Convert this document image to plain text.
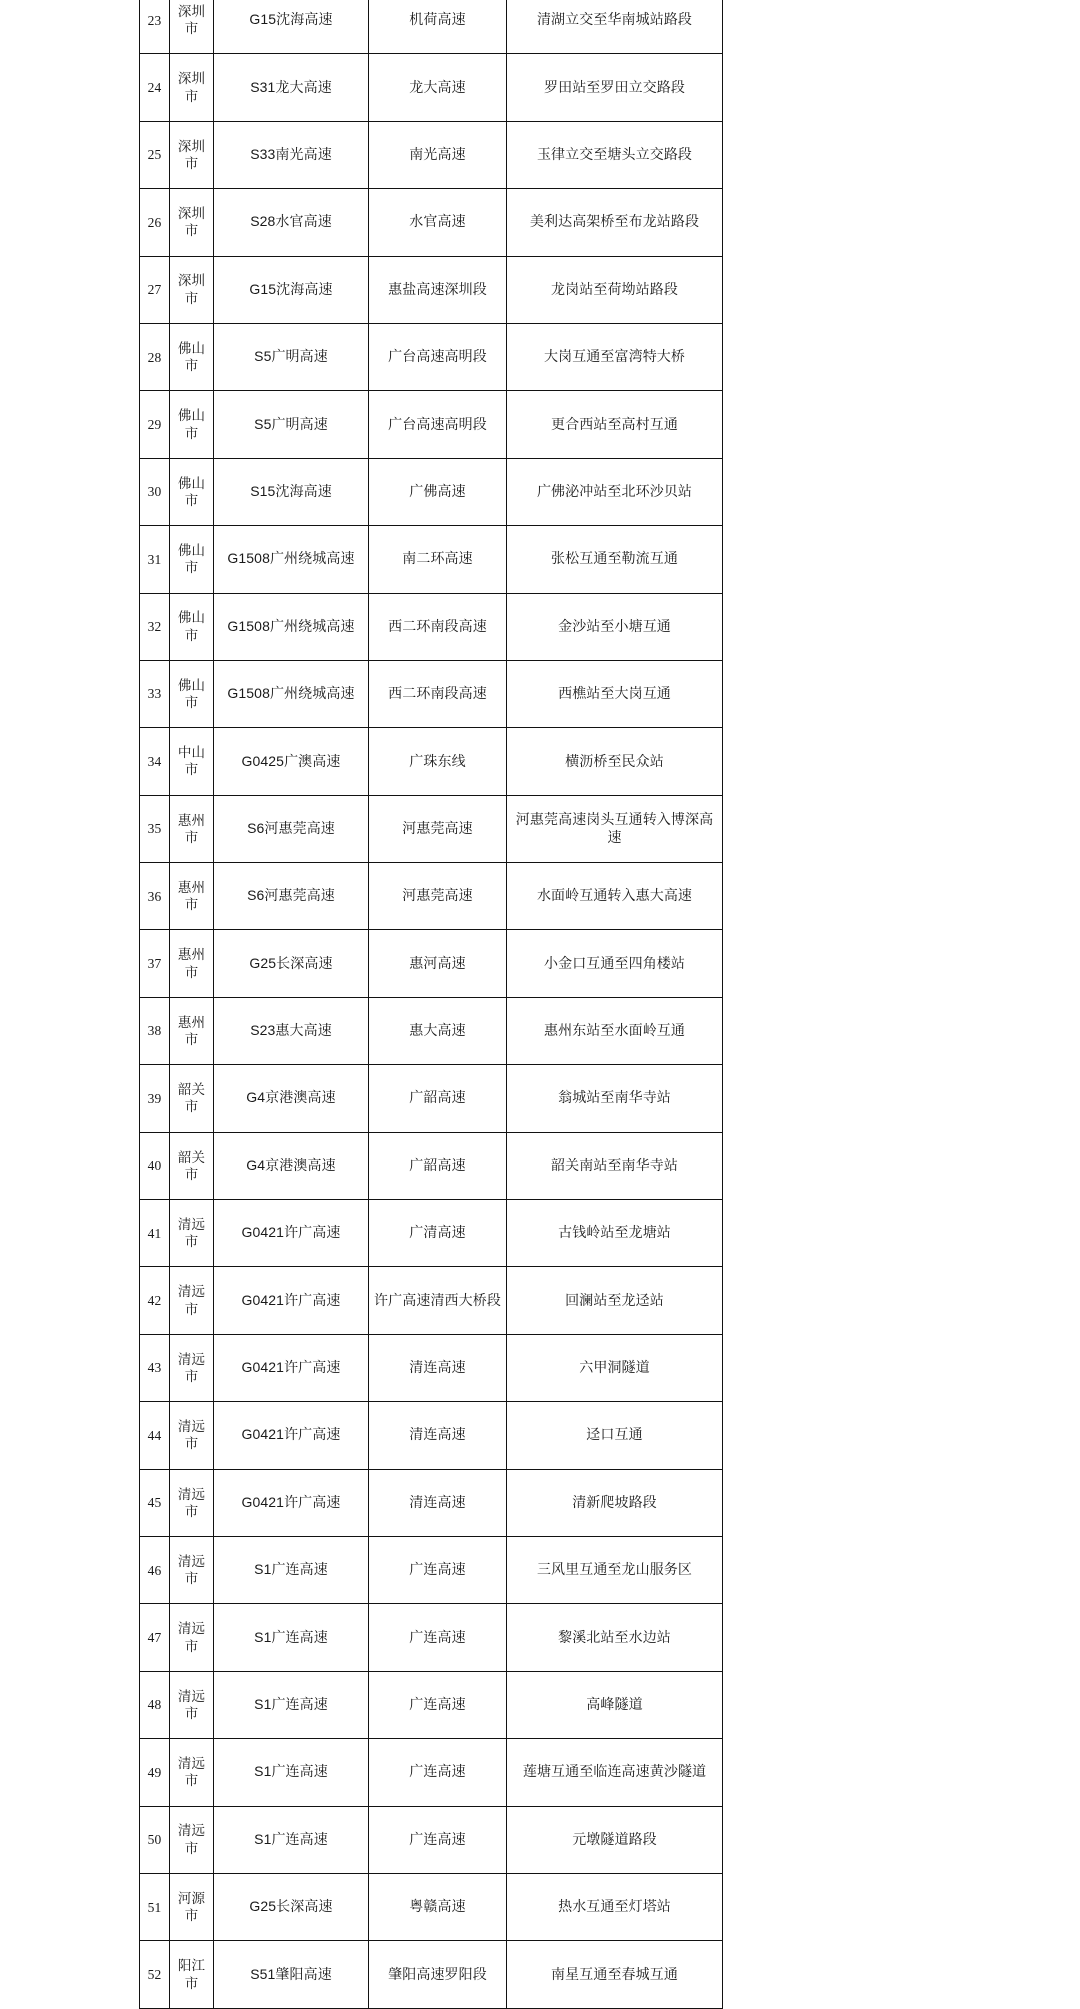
23	深圳市	G15沈海高速	机荷高速	清湖立交至华南城站路段
24	深圳市	S31龙大高速	龙大高速	罗田站至罗田立交路段
25	深圳市	S33南光高速	南光高速	玉律立交至塘头立交路段
26	深圳市	S28水官高速	水官高速	美利达高架桥至布龙站路段
27	深圳市	G15沈海高速	惠盐高速深圳段	龙岗站至荷坳站路段
28	佛山市	S5广明高速	广台高速高明段	大岗互通至富湾特大桥
29	佛山市	S5广明高速	广台高速高明段	更合西站至高村互通
30	佛山市	S15沈海高速	广佛高速	广佛泌冲站至北环沙贝站
31	佛山市	G1508广州绕城高速	南二环高速	张松互通至勒流互通
32	佛山市	G1508广州绕城高速	西二环南段高速	金沙站至小塘互通
33	佛山市	G1508广州绕城高速	西二环南段高速	西樵站至大岗互通
34	中山市	G0425广澳高速	广珠东线	横沥桥至民众站
35	惠州市	S6河惠莞高速	河惠莞高速	河惠莞高速岗头互通转入博深高速
36	惠州市	S6河惠莞高速	河惠莞高速	水面岭互通转入惠大高速
37	惠州市	G25长深高速	惠河高速	小金口互通至四角楼站
38	惠州市	S23惠大高速	惠大高速	惠州东站至水面岭互通
39	韶关市	G4京港澳高速	广韶高速	翁城站至南华寺站
40	韶关市	G4京港澳高速	广韶高速	韶关南站至南华寺站
41	清远市	G0421许广高速	广清高速	古钱岭站至龙塘站
42	清远市	G0421许广高速	许广高速清西大桥段	回澜站至龙迳站
43	清远市	G0421许广高速	清连高速	六甲洞隧道
44	清远市	G0421许广高速	清连高速	迳口互通
45	清远市	G0421许广高速	清连高速	清新爬坡路段
46	清远市	S1广连高速	广连高速	三风里互通至龙山服务区
47	清远市	S1广连高速	广连高速	黎溪北站至水边站
48	清远市	S1广连高速	广连高速	高峰隧道
49	清远市	S1广连高速	广连高速	莲塘互通至临连高速黄沙隧道
50	清远市	S1广连高速	广连高速	元墩隧道路段
51	河源市	G25长深高速	粤赣高速	热水互通至灯塔站
52	阳江市	S51肇阳高速	肇阳高速罗阳段	南星互通至春城互通
